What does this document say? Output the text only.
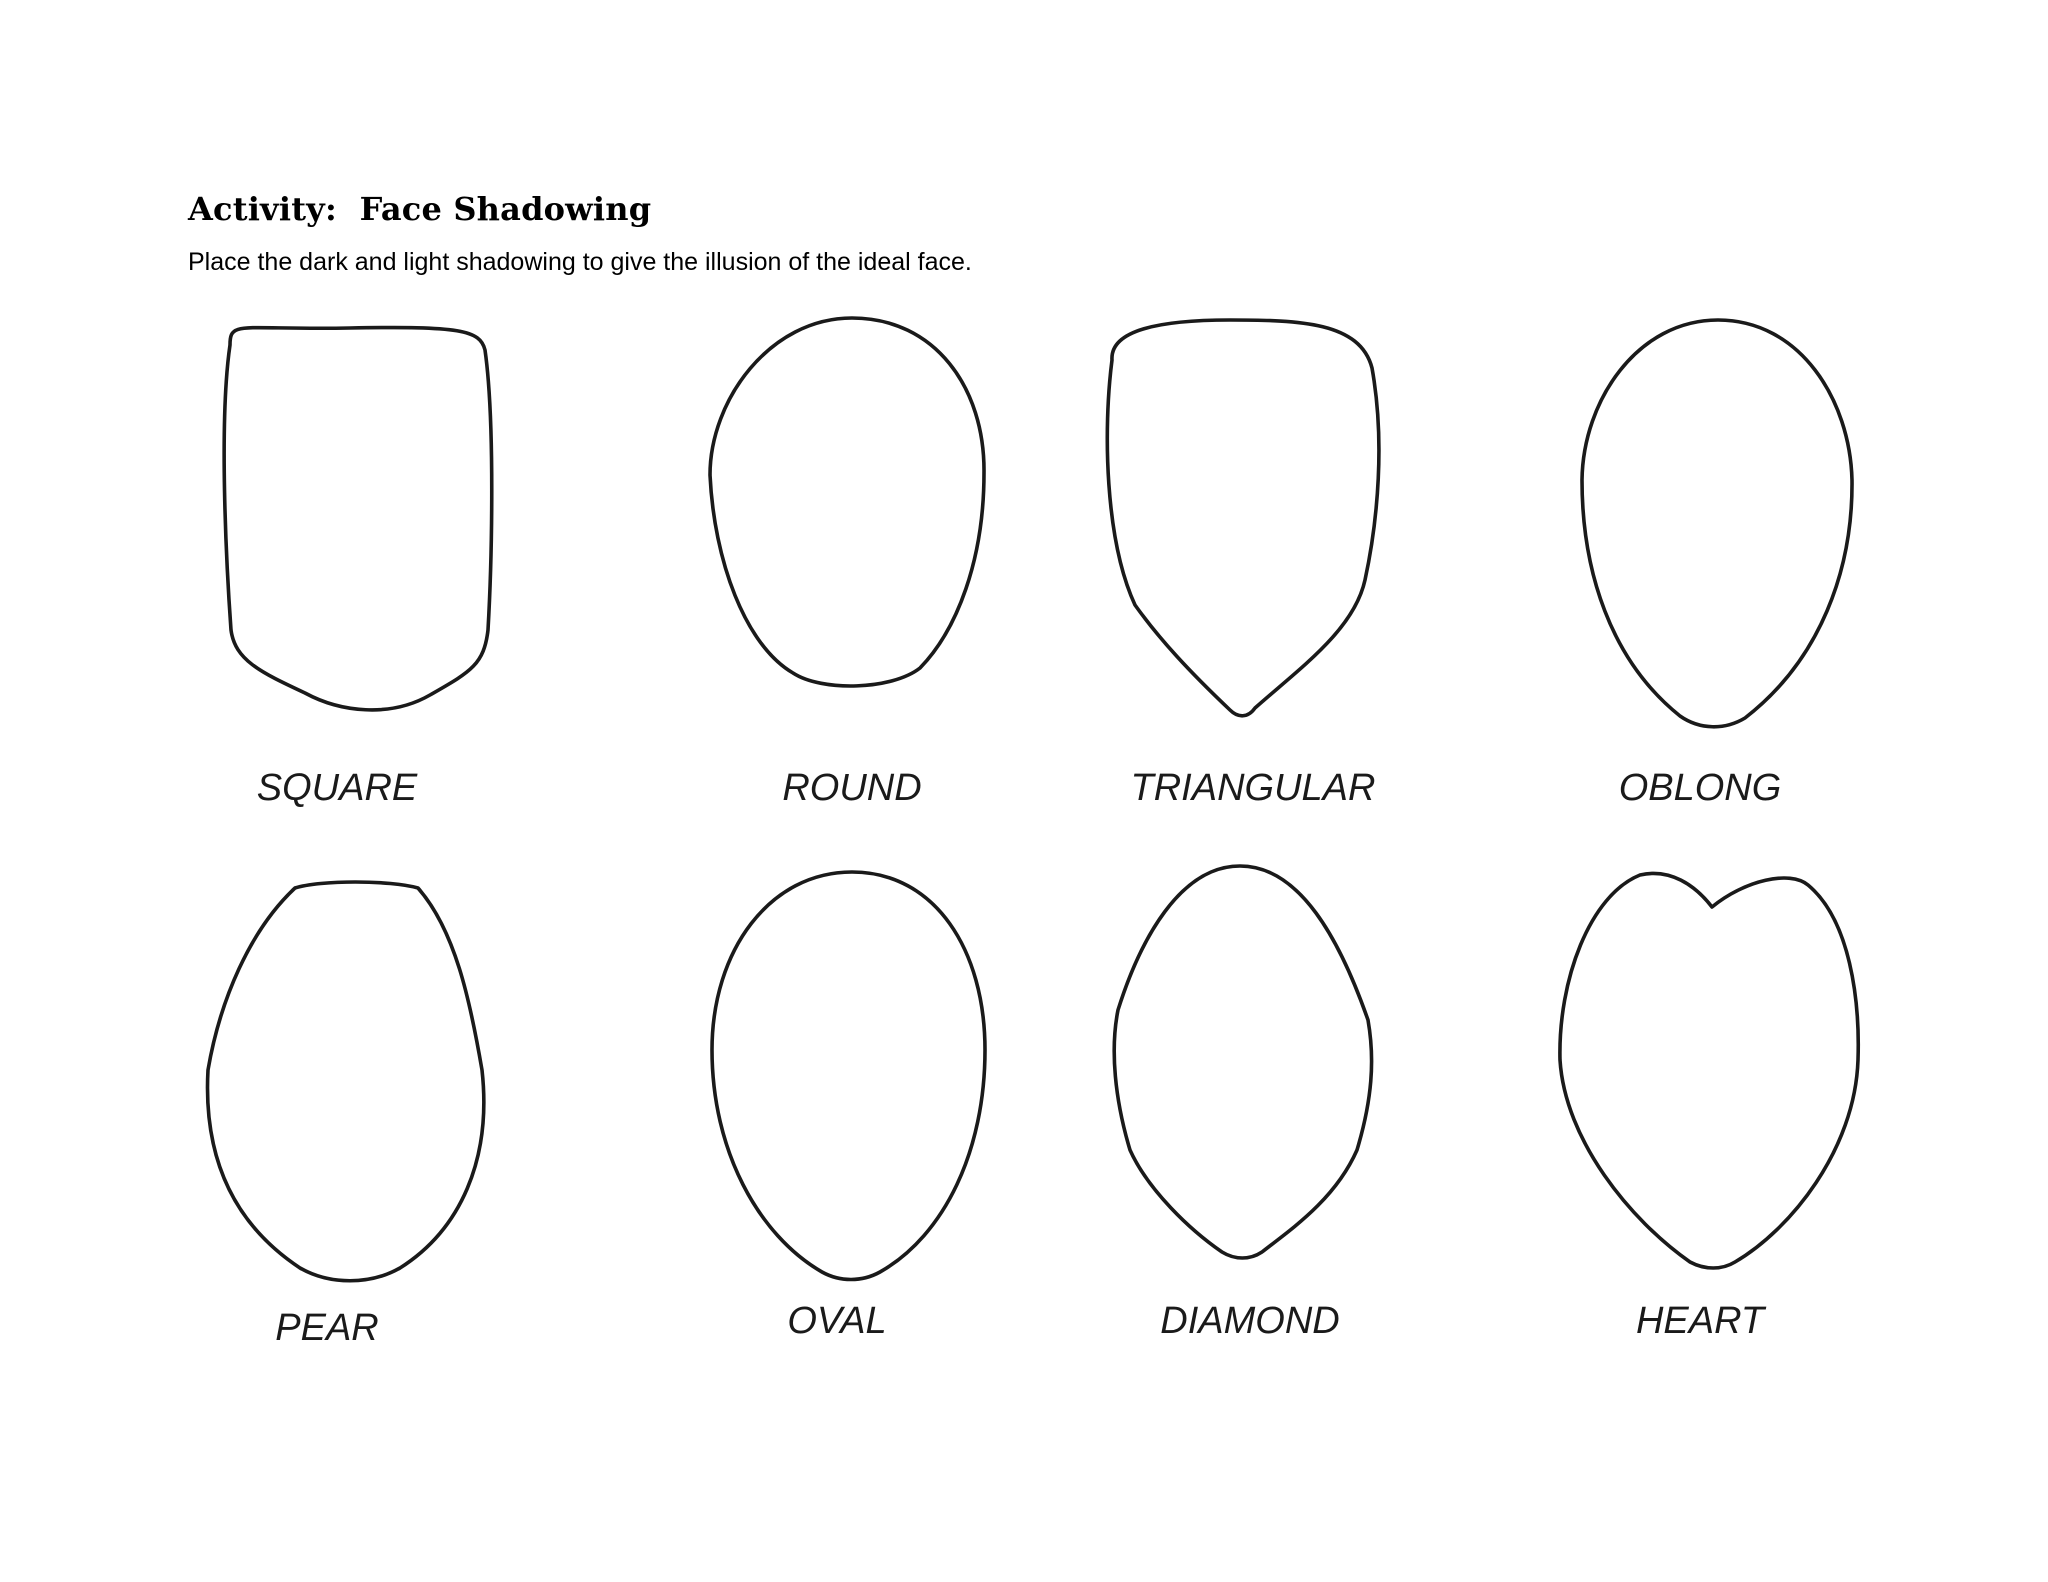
Activity:  Face Shadowing

Place the dark and light shadowing to give the illusion of the ideal face.

SQUARE	ROUND	TRIANGULAR	OBLONG
PEAR	OVAL	DIAMOND	HEART
